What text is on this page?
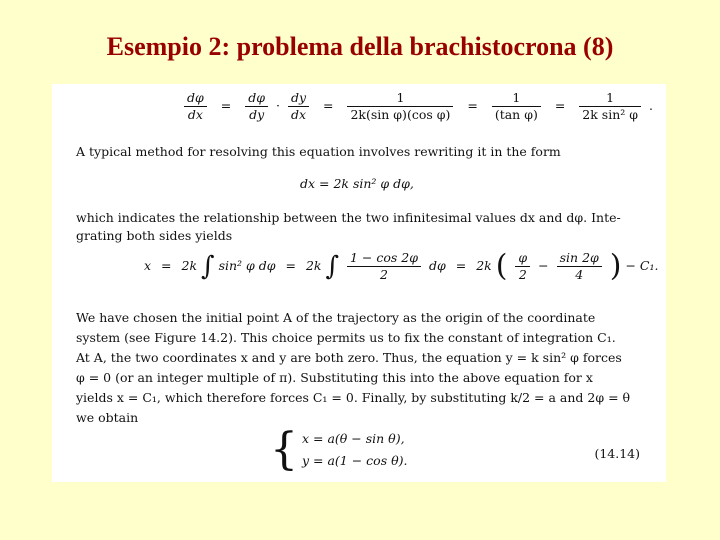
Esempio 2: problema della brachistocrona (8)
$\frac{d\varphi}{dx} = \frac{d\varphi}{dy} \cdot \frac{dy}{dx} = \frac{1}{\text{2k(sin φ)(cos φ)}} = \frac{1}{\text{(tan φ)}} = \frac{1}{\text{2k sin² φ}}$ .
A typical method for resolving this equation involves rewriting it in the form
dx = 2k sin² φ dφ,
which indicates the relationship between the two infinitesimal values dx and dφ. Inte-
grating both sides yields
x = 2k ∫ sin² φ dφ = 2k ∫ $\frac{1 - \cos 2\varphi}{2}$ dφ = 2k ( $\frac{\varphi}{2} - \frac{\sin 2\varphi}{4}$ ) − C₁.
We have chosen the initial point A of the trajectory as the origin of the coordinate
system (see Figure 14.2). This choice permits us to fix the constant of integration C₁.
At A, the two coordinates x and y are both zero. Thus, the equation y = k sin² φ forces
φ = 0 (or an integer multiple of π). Substituting this into the above equation for x
yields x = C₁, which therefore forces C₁ = 0. Finally, by substituting k/2 = a and 2φ = θ
we obtain
{ x = a(θ − sin θ),
y = a(1 − cos θ).	(14.14)
